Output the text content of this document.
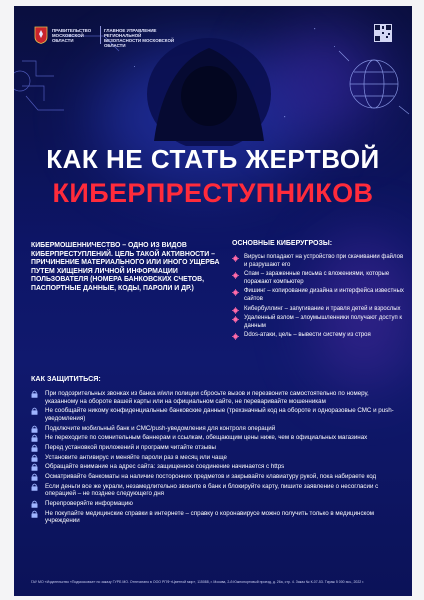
ПРАВИТЕЛЬСТВО МОСКОВСКОЙ ОБЛАСТИ
ГЛАВНОЕ УПРАВЛЕНИЕ РЕГИОНАЛЬНОЙ БЕЗОПАСНОСТИ МОСКОВСКОЙ ОБЛАСТИ
КАК НЕ СТАТЬ ЖЕРТВОЙ
КИБЕРПРЕСТУПНИКОВ
КИБЕРМОШЕННИЧЕСТВО – ОДНО ИЗ ВИДОВ КИБЕРПРЕСТУПЛЕНИЙ. ЦЕЛЬ ТАКОЙ АКТИВНОСТИ – ПРИЧИНЕНИЕ МАТЕРИАЛЬНОГО ИЛИ ИНОГО УЩЕРБА ПУТЕМ ХИЩЕНИЯ ЛИЧНОЙ ИНФОРМАЦИИ ПОЛЬЗОВАТЕЛЯ (НОМЕРА БАНКОВСКИХ СЧЕТОВ, ПАСПОРТНЫЕ ДАННЫЕ, КОДЫ, ПАРОЛИ И ДР.)
ОСНОВНЫЕ КИБЕРУГРОЗЫ:
Вирусы попадают на устройство при скачивании файлов и разрушают его
Спам – зараженные письма с вложениями, которые поражают компьютер
Фишинг – копирование дизайна и интерфейса известных сайтов
Кибербуллинг – запугивание и травля детей и взрослых
Удаленный взлом – злоумышленники получают доступ к данным
Ddos-атаки, цель – вывести систему из строя
КАК ЗАЩИТИТЬСЯ:
При подозрительных звонках из банка и/или полиции сбросьте вызов и перезвоните самостоятельно по номеру, указанному на обороте вашей карты или на официальном сайте, не переваривайте мошенникам
Не сообщайте никому конфиденциальные банковские данные (трехзначный код на обороте и одноразовые СМС и push-уведомления)
Подключите мобильный банк и СМС/push-уведомления для контроля операций
Не переходите по сомнительным баннерам и ссылкам, обещающим цены ниже, чем в официальных магазинах
Перед установкой приложений и программ читайте отзывы
Установите антивирус и меняйте пароли раз в месяц или чаще
Обращайте внимание на адрес сайта: защищенное соединение начинается с https
Осматривайте банкоматы на наличие посторонних предметов и закрывайте клавиатуру рукой, пока набираете код
Если деньги все же украли, незамедлительно звоните в банк и блокируйте карту, пишите заявление о несогласии с операцией – не позднее следующего дня
Перепроверяйте информацию
Не покупайте медицинские справки в интернете – справку о коронавирусе можно получить только в медицинском учреждении
ГАУ МО «Издательство «Подмосковье» по заказу ГУРБ МО. Отпечатано в ООО РПФ «Цветной мир», 115088, г. Москва, 2-й Южнопортовый проезд, д. 26а, стр. 4. Заказ № К-07-53. Тираж 5 000 экз., 2022 г.
